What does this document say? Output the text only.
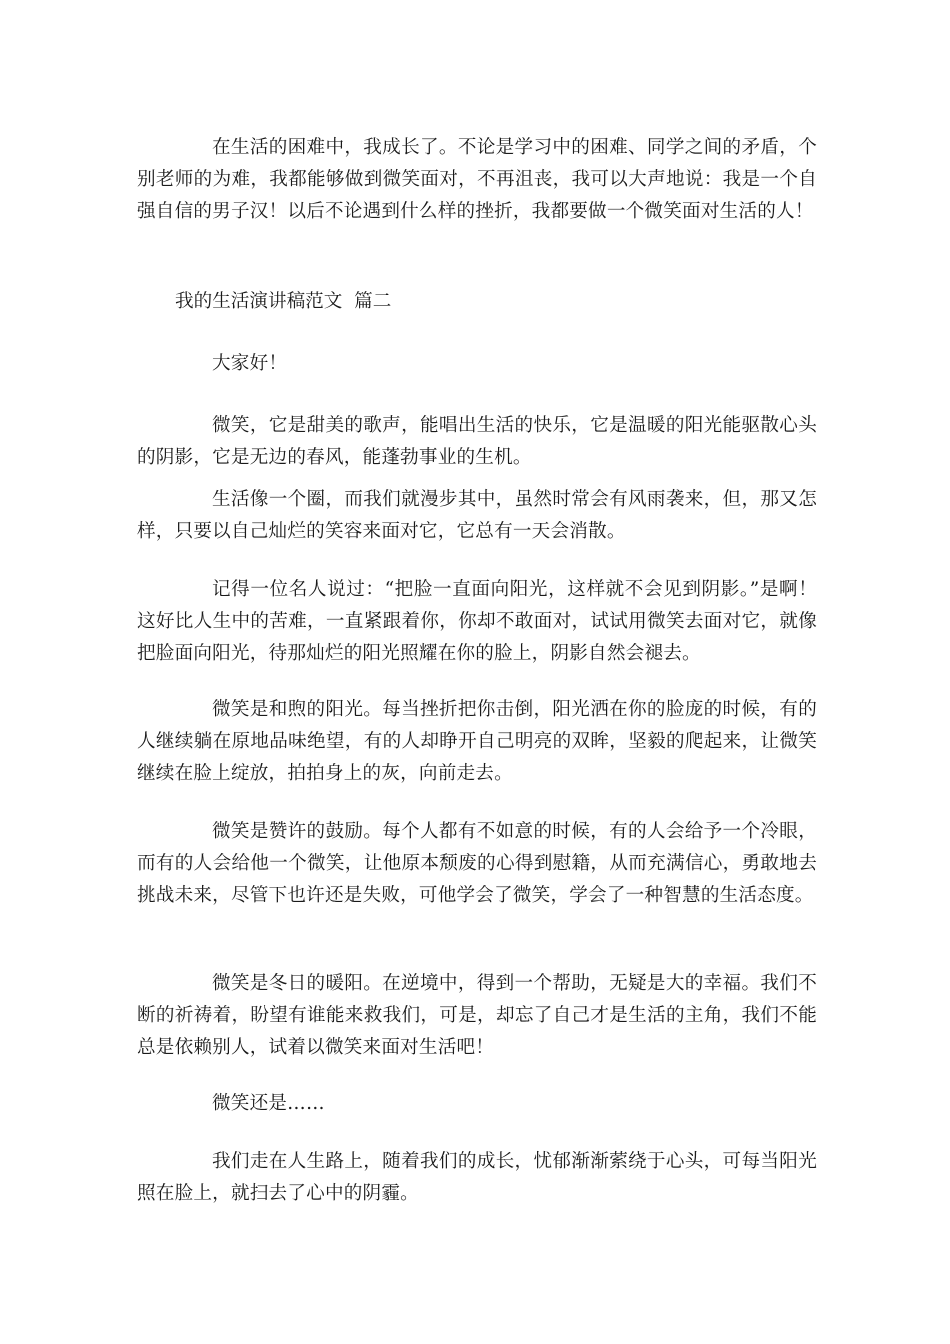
在生活的困难中，我成长了。不论是学习中的困难、同学之间的矛盾，个别老师的为难，我都能够做到微笑面对，不再沮丧，我可以大声地说：我是一个自强自信的男子汉！以后不论遇到什么样的挫折，我都要做一个微笑面对生活的人！

我的生活演讲稿范文  篇二

大家好！

微笑，它是甜美的歌声，能唱出生活的快乐，它是温暖的阳光能驱散心头的阴影，它是无边的春风，能蓬勃事业的生机。

生活像一个圈，而我们就漫步其中，虽然时常会有风雨袭来，但，那又怎样，只要以自己灿烂的笑容来面对它，它总有一天会消散。

记得一位名人说过：“把脸一直面向阳光，这样就不会见到阴影。”是啊！这好比人生中的苦难，一直紧跟着你，你却不敢面对，试试用微笑去面对它，就像把脸面向阳光，待那灿烂的阳光照耀在你的脸上，阴影自然会褪去。

微笑是和煦的阳光。每当挫折把你击倒，阳光洒在你的脸庞的时候，有的人继续躺在原地品味绝望，有的人却睁开自己明亮的双眸，坚毅的爬起来，让微笑继续在脸上绽放，拍拍身上的灰，向前走去。

微笑是赞许的鼓励。每个人都有不如意的时候，有的人会给予一个冷眼，而有的人会给他一个微笑，让他原本颓废的心得到慰籍，从而充满信心，勇敢地去挑战未来，尽管下也许还是失败，可他学会了微笑，学会了一种智慧的生活态度。

微笑是冬日的暖阳。在逆境中，得到一个帮助，无疑是大的幸福。我们不断的祈祷着，盼望有谁能来救我们，可是，却忘了自己才是生活的主角，我们不能总是依赖别人，试着以微笑来面对生活吧！

微笑还是……

我们走在人生路上，随着我们的成长，忧郁渐渐萦绕于心头，可每当阳光照在脸上，就扫去了心中的阴霾。
